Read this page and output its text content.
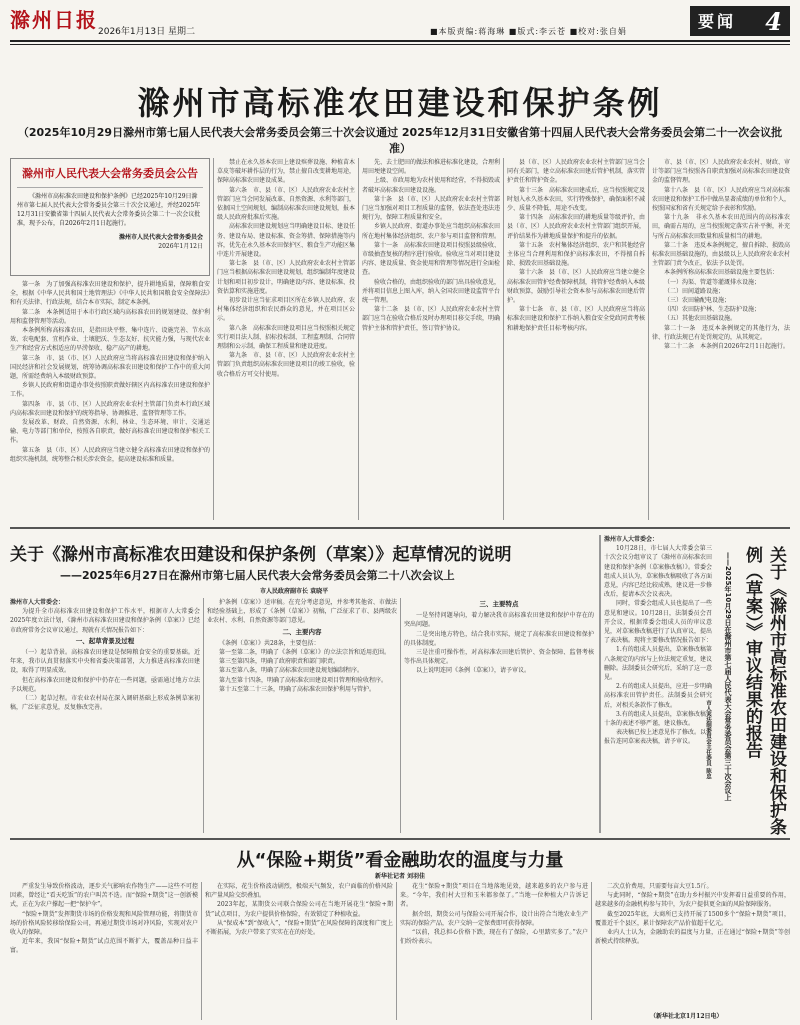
滁州日报 2026年1月13日 星期二	■本版责编:蒋海琳 ■版式:李云苍 ■校对:张自娟
要闻 4
滁州市高标准农田建设和保护条例
（2025年10月29日滁州市第七届人民代表大会常务委员会第三十次会议通过 2025年12月31日安徽省第十四届人民代表大会常务委员会第二十一次会议批准）
滁州市人民代表大会常务委员会公告
《滁州市高标准农田建设和保护条例》已经2025年10月29日滁州市第七届人民代表大会常务委员会第三十次会议通过，并经2025年12月31日安徽省第十四届人民代表大会常务委员会第二十一次会议批准，现予公布，自2026年2月1日起施行。
滁州市人民代表大会常务委员会
2026年1月12日

第一条　为了加强高标准农田建设和保护，提升耕地质量，保障粮食安全，根据《中华人民共和国土地管理法》《中华人民共和国粮食安全保障法》和有关法律、行政法规，结合本市实际，制定本条例。

第二条　本条例适用于本市行政区域内高标准农田的规划建设、保护利用和监督管理等活动。

本条例所称高标准农田，是指田块平整、集中连片、设施完善、节水高效、农电配套、宜机作业、土壤肥沃、生态友好、抗灾能力强，与现代农业生产和经营方式相适应的旱涝保收、稳产高产的耕地。

第三条　市、县（市、区）人民政府应当将高标准农田建设和保护纳入国民经济和社会发展规划，统筹协调高标准农田建设和保护工作中的重大问题，所需经费纳入本级财政预算。

乡镇人民政府和街道办事处按照职责做好辖区内高标准农田建设和保护工作。

第四条　市、县（市、区）人民政府农业农村主管部门负责本行政区域内高标准农田建设和保护的统筹指导、协调推进、监督管理等工作。

发展改革、财政、自然资源、水利、林业、生态环境、审计、交通运输、电力等部门和单位，按照各自职责，做好高标准农田建设和保护相关工作。

第五条　县（市、区）人民政府应当建立健全高标准农田建设和保护的组织实施机制，统筹整合相关涉农资金，提高建设标准和质量。

禁止在永久基本农田上建设殡葬设施、种植苗木草皮等破坏耕作层的行为，禁止擅自改变耕地用途，保障高标准农田建设成果。

第六条　市、县（市、区）人民政府农业农村主管部门应当会同发展改革、自然资源、水利等部门，依据国土空间规划，编制高标准农田建设规划，报本级人民政府批准后实施。

高标准农田建设规划应当明确建设目标、建设任务、建设布局、建设标准、资金筹措、保障措施等内容，优先在永久基本农田保护区、粮食生产功能区集中连片开展建设。

第七条　县（市、区）人民政府农业农村主管部门应当根据高标准农田建设规划，组织编制年度建设计划和项目初步设计，明确建设内容、建设标准、投资估算和实施进度。

初步设计应当征求项目区所在乡镇人民政府、农村集体经济组织和农民群众的意见，并在项目区公示。

第八条　高标准农田建设项目应当按照相关规定实行项目法人制、招标投标制、工程监理制、合同管理制和公示制，确保工程质量和建设进度。

第九条　市、县（市、区）人民政府农业农村主管部门负责组织高标准农田建设项目的竣工验收，验收合格后方可交付使用。

先、去土肥田的做法和推进标准化建设，合理利用田埂建设空间。

上级、市政用地为农村使用和经营，不得损毁或者破坏高标准农田建设设施。

第十条　县（市、区）人民政府农业农村主管部门应当加强对项目工程质量的监督，依法查处违法违规行为，保障工程质量和安全。

乡镇人民政府、街道办事处应当组织高标准农田所在地村集体经济组织、农户参与项目监督和管理。

第十一条　高标准农田建设项目按照县级验收、市级抽查复核的程序进行验收。验收应当对项目建设内容、建设质量、资金使用和管理等情况进行全面检查。

验收合格的，由组织验收的部门出具验收意见，并将项目信息上图入库，纳入全国农田建设监管平台统一管理。

第十二条　县（市、区）人民政府农业农村主管部门应当在验收合格后及时办理项目移交手续，明确管护主体和管护责任，签订管护协议。

县（市、区）人民政府农业农村主管部门应当会同有关部门，建立高标准农田建后管护机制，落实管护责任和管护资金。

第十三条　高标准农田建成后，应当按照规定及时划入永久基本农田，实行特殊保护，确保面积不减少、质量不降低、用途不改变。

第十四条　高标准农田的耕地质量等级评价，由县（市、区）人民政府农业农村主管部门组织开展，评价结果作为耕地质量保护和提升的依据。

第十五条　农村集体经济组织、农户和其他经营主体应当合理利用和保护高标准农田，不得擅自拆除、损毁农田基础设施。

第十六条　县（市、区）人民政府应当建立健全高标准农田管护经费保障机制，将管护经费纳入本级财政预算，鼓励引导社会资本参与高标准农田建后管护。

第十七条　市、县（市、区）人民政府应当将高标准农田建设和保护工作纳入粮食安全党政同责考核和耕地保护责任目标考核内容。

市、县（市、区）人民政府农业农村、财政、审计等部门应当按照各自职责加强对高标准农田建设资金的监督管理。

第十八条　县（市、区）人民政府应当对高标准农田建设和保护工作中做出显著成绩的单位和个人，按照国家和省有关规定给予表彰和奖励。

第十九条　非永久基本农田范围内的高标准农田，确需占用的，应当按照规定落实占补平衡，补充与所占高标准农田数量和质量相当的耕地。

第二十条　违反本条例规定，擅自拆除、损毁高标准农田基础设施的，由县级以上人民政府农业农村主管部门责令改正，依法予以处罚。

本条例所称高标准农田基础设施主要包括：

（一）沟渠、管道等灌溉排水设施；

（二）田间道路设施；

（三）农田输配电设施；

（四）农田防护林、生态防护设施；

（五）其他农田基础设施。

第二十一条　违反本条例规定的其他行为，法律、行政法规已有处罚规定的，从其规定。

第二十二条　本条例自2026年2月1日起施行。

关于《滁州市高标准农田建设和保护条例（草案）》起草情况的说明
——2025年6月27日在滁州市第七届人民代表大会常务委员会第二十八次会议上
市人民政府副市长 袁晓平

滁州市人大常委会：

为提升全市高标准农田建设和保护工作水平，根据市人大常委会2025年度立法计划，《滁州市高标准农田建设和保护条例（草案）》已经市政府常务会议审议通过，现就有关情况报告如下：

一、起草背景及过程

（一）起草背景。高标准农田建设是保障粮食安全的重要基础。近年来，我市认真贯彻落实中央和省委决策部署，大力推进高标准农田建设，取得了明显成效。

但在高标准农田建设和保护中仍存在一些问题，亟需通过地方立法予以规范。

（二）起草过程。市农业农村局在深入调研基础上形成条例草案初稿，广泛征求意见，反复修改完善。

护条例（草案）》送审稿。在充分考虑意见，并参考其他省、市做法和经验基础上，形成了《条例（草案）》初稿，广泛征求了市、县两级农业农村、水利、自然资源等部门意见。

二、主要内容

《条例（草案）》共28条，主要包括：

第一至第二条，明确了《条例（草案）》的立法宗旨和适用范围。

第三至第四条，明确了政府职责和部门职责。

第五至第八条，明确了高标准农田建设规划编制程序。

第九至第十四条，明确了高标准农田建设项目管理和验收程序。

第十五至第二十三条，明确了高标准农田保护利用与管护。

三、主要特点

一是坚持问题导向，着力解决我市高标准农田建设和保护中存在的突出问题。

二是突出地方特色，结合我市实际，规定了高标准农田建设和保护的具体制度。

三是注重可操作性，对高标准农田建后管护、资金保障、监督考核等作出具体规定。

以上说明连同《条例（草案）》，请予审议。

滁州市人大常委会：

10月28日，市七届人大常委会第三十次会议分组审议了《滁州市高标准农田建设和保护条例（草案修改稿）》。常委会组成人员认为，草案修改稿吸收了各方面意见，内容已经比较成熟，建议进一步修改后，提请本次会议表决。

同时，常委会组成人员也提出了一些意见和建议。10月28日，法制委员会召开会议，根据常委会组成人员的审议意见，对草案修改稿进行了认真审议，提出了表决稿。现将主要修改情况报告如下：

1.有的组成人员提出，草案修改稿第八条规定的内容与上位法规定重复，建议删除。法制委员会研究后，采纳了这一意见。

2.有的组成人员提出，应进一步明确高标准农田管护责任。法制委员会研究后，对相关条款作了修改。

3.有的组成人员提出，草案修改稿第十条的表述不够严谨，建议修改。

表决稿已按上述意见作了修改。以上报告连同草案表决稿，请予审议。	——2025年10月29日在滁州市第七届人民代表大会常务委员会第三十次会议上	关于《滁州市高标准农田建设和保护条例（草案）》审议结果的报告
市人大法制委员会主任委员 陈忠
从“保险+期货”看金融助农的温度与力量
新华社记者 刘羽佳

严重发生导致价格波动，逐步关气影响农作物生产——这些不可控因素，曾经让“看天吃饭”的农户叫苦不迭。而“保险+期货”这一创新模式，正在为农户撑起一把“保护伞”。

“保险+期货”发挥期货市场的价格发现和风险管理功能，将期货市场的价格风险转移给保险公司，再通过期货市场对冲风险，实现对农户收入的保障。

近年来，我国“保险+期货”试点范围不断扩大，覆盖品种日益丰富。

在实际，花生价格波动剧烈，极端天气频发，农户面临的价格风险和产量风险交织叠加。

2023年起，某期货公司联合保险公司在当地开展花生“保险+期货”试点项目，为农户提供价格保险，有效锁定了种植收益。

从“保成本”到“保收入”，“保险+期货”在风险保障的深度和广度上不断拓展，为农户带来了实实在在的好处。

花生“保险+期货”项目在当地落地见效，越来越多的农户参与进来。“今年，我们村大豆和玉米都参保了。”当地一位种植大户告诉记者。

据介绍，期货公司与保险公司开展合作，设计出符合当地农业生产实际的保险产品，农户交纳一定保费即可获得保障。

“以前，我总担心价格下跌，现在有了保险，心里踏实多了。”农户们纷纷表示。

二次点价费用，只需要每亩大豆1.5斤。

与此同时，“保险+期货”在助力乡村振兴中发挥着日益重要的作用，越来越多的金融机构参与其中，为农户提供更全面的风险保障服务。

截至2025年底，大商所已支持开展了1500多个“保险+期货”项目，覆盖近千个县区，累计保障农产品价值超千亿元。

业内人士认为，金融助农的温度与力量，正在通过“保险+期货”等创新模式持续释放。

（新华社北京1月12日电）
